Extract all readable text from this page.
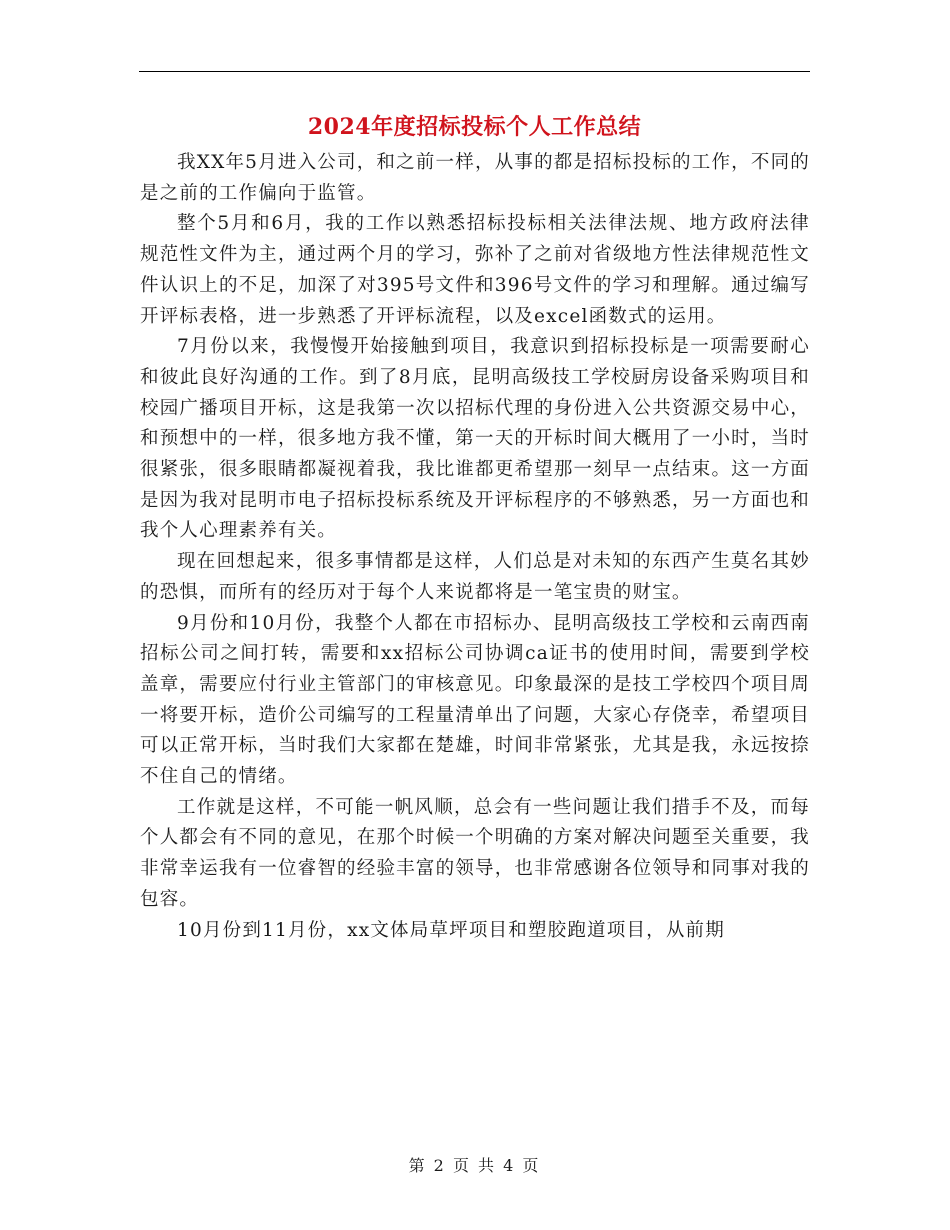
2024年度招标投标个人工作总结

我XX年5月进入公司，和之前一样，从事的都是招标投标的工作，不同的是之前的工作偏向于监管。

整个5月和6月，我的工作以熟悉招标投标相关法律法规、地方政府法律规范性文件为主，通过两个月的学习，弥补了之前对省级地方性法律规范性文件认识上的不足，加深了对395号文件和396号文件的学习和理解。通过编写开评标表格，进一步熟悉了开评标流程，以及excel函数式的运用。

7月份以来，我慢慢开始接触到项目，我意识到招标投标是一项需要耐心和彼此良好沟通的工作。到了8月底，昆明高级技工学校厨房设备采购项目和校园广播项目开标，这是我第一次以招标代理的身份进入公共资源交易中心，和预想中的一样，很多地方我不懂，第一天的开标时间大概用了一小时，当时很紧张，很多眼睛都凝视着我，我比谁都更希望那一刻早一点结束。这一方面是因为我对昆明市电子招标投标系统及开评标程序的不够熟悉，另一方面也和我个人心理素养有关。

现在回想起来，很多事情都是这样，人们总是对未知的东西产生莫名其妙的恐惧，而所有的经历对于每个人来说都将是一笔宝贵的财宝。

9月份和10月份，我整个人都在市招标办、昆明高级技工学校和云南西南招标公司之间打转，需要和xx招标公司协调ca证书的使用时间，需要到学校盖章，需要应付行业主管部门的审核意见。印象最深的是技工学校四个项目周一将要开标，造价公司编写的工程量清单出了问题，大家心存侥幸，希望项目可以正常开标，当时我们大家都在楚雄，时间非常紧张，尤其是我，永远按捺不住自己的情绪。

工作就是这样，不可能一帆风顺，总会有一些问题让我们措手不及，而每个人都会有不同的意见，在那个时候一个明确的方案对解决问题至关重要，我非常幸运我有一位睿智的经验丰富的领导，也非常感谢各位领导和同事对我的包容。

10月份到11月份，xx文体局草坪项目和塑胶跑道项目，从前期

第 2 页 共 4 页
